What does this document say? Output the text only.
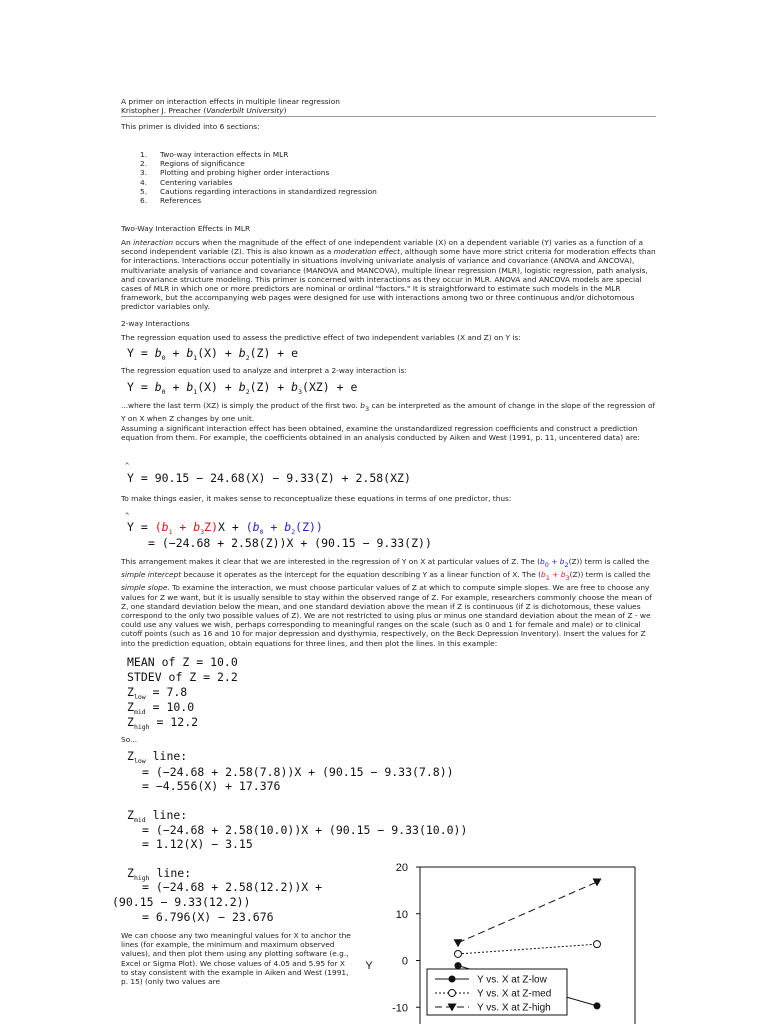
A primer on interaction effects in multiple linear regression
Kristopher J. Preacher (Vanderbilt University)
This primer is divided into 6 sections:
1. Two-way interaction effects in MLR
2. Regions of significance
3. Plotting and probing higher order interactions
4. Centering variables
5. Cautions regarding interactions in standardized regression
6. References
Two-Way Interaction Effects in MLR
An interaction occurs when the magnitude of the effect of one independent variable (X) on a dependent variable (Y) varies as a function of a second independent variable (Z). This is also known as a moderation effect, although some have more strict criteria for moderation effects than for interactions. Interactions occur potentially in situations involving univariate analysis of variance and covariance (ANOVA and ANCOVA), multivariate analysis of variance and covariance (MANOVA and MANCOVA), multiple linear regression (MLR), logistic regression, path analysis, and covariance structure modeling. This primer is concerned with interactions as they occur in MLR. ANOVA and ANCOVA models are special cases of MLR in which one or more predictors are nominal or ordinal "factors." It is straightforward to estimate such models in the MLR framework, but the accompanying web pages were designed for use with interactions among two or three continuous and/or dichotomous predictor variables only.
2-way Interactions
The regression equation used to assess the predictive effect of two independent variables (X and Z) on Y is:
$Y = b_0 + b_1(X) + b_2(Z) + e$
The regression equation used to analyze and interpret a 2-way interaction is:
$Y = b_0 + b_1(X) + b_2(Z) + b_3(XZ) + e$
...where the last term (XZ) is simply the product of the first two. b3 can be interpreted as the amount of change in the slope of the regression of Y on X when Z changes by one unit.
Assuming a significant interaction effect has been obtained, examine the unstandardized regression coefficients and construct a prediction equation from them. For example, the coefficients obtained in an analysis conducted by Aiken and West (1991, p. 11, uncentered data) are:
^
Y = 90.15 − 24.68(X) − 9.33(Z) + 2.58(XZ)
To make things easier, it makes sense to reconceptualize these equations in terms of one predictor, thus:
^
$Y = (b_1 + b_3Z)X + (b_0 + b_2(Z))$
= (−24.68 + 2.58(Z))X + (90.15 − 9.33(Z))
This arrangement makes it clear that we are interested in the regression of Y on X at particular values of Z. The (b0 + b2(Z)) term is called the simple intercept because it operates as the intercept for the equation describing Y as a linear function of X. The (b1 + b3(Z)) term is called the simple slope. To examine the interaction, we must choose particular values of Z at which to compute simple slopes. We are free to choose any values for Z we want, but it is usually sensible to stay within the observed range of Z. For example, researchers commonly choose the mean of Z, one standard deviation below the mean, and one standard deviation above the mean if Z is continuous (if Z is dichotomous, these values correspond to the only two possible values of Z). We are not restricted to using plus or minus one standard deviation about the mean of Z - we could use any values we wish, perhaps corresponding to meaningful ranges on the scale (such as 0 and 1 for female and male) or to clinical cutoff points (such as 16 and 10 for major depression and dysthymia, respectively, on the Beck Depression Inventory). Insert the values for Z into the prediction equation, obtain equations for three lines, and then plot the lines. In this example:
MEAN of Z = 10.0
STDEV of Z = 2.2
$Z_{low} = 7.8$
$Z_{mid} = 10.0$
$Z_{high} = 12.2$
So...
$Z_{low}$ line:
= (−24.68 + 2.58(7.8))X + (90.15 − 9.33(7.8))
= −4.556(X) + 17.376
$Z_{mid}$ line:
= (−24.68 + 2.58(10.0))X + (90.15 − 9.33(10.0))
= 1.12(X) − 3.15
$Z_{high}$ line:
= (−24.68 + 2.58(12.2))X +
(90.15 − 9.33(12.2))
= 6.796(X) − 23.676
We can choose any two meaningful values for X to anchor the lines (for example, the minimum and maximum observed values), and then plot them using any plotting software (e.g., Excel or Sigma Plot). We chose values of 4.05 and 5.95 for X to stay consistent with the example in Aiken and West (1991, p. 15) (only two values are
20
10
0
-10
Y
Y vs. X at Z-low
Y vs. X at Z-med
Y vs. X at Z-high
